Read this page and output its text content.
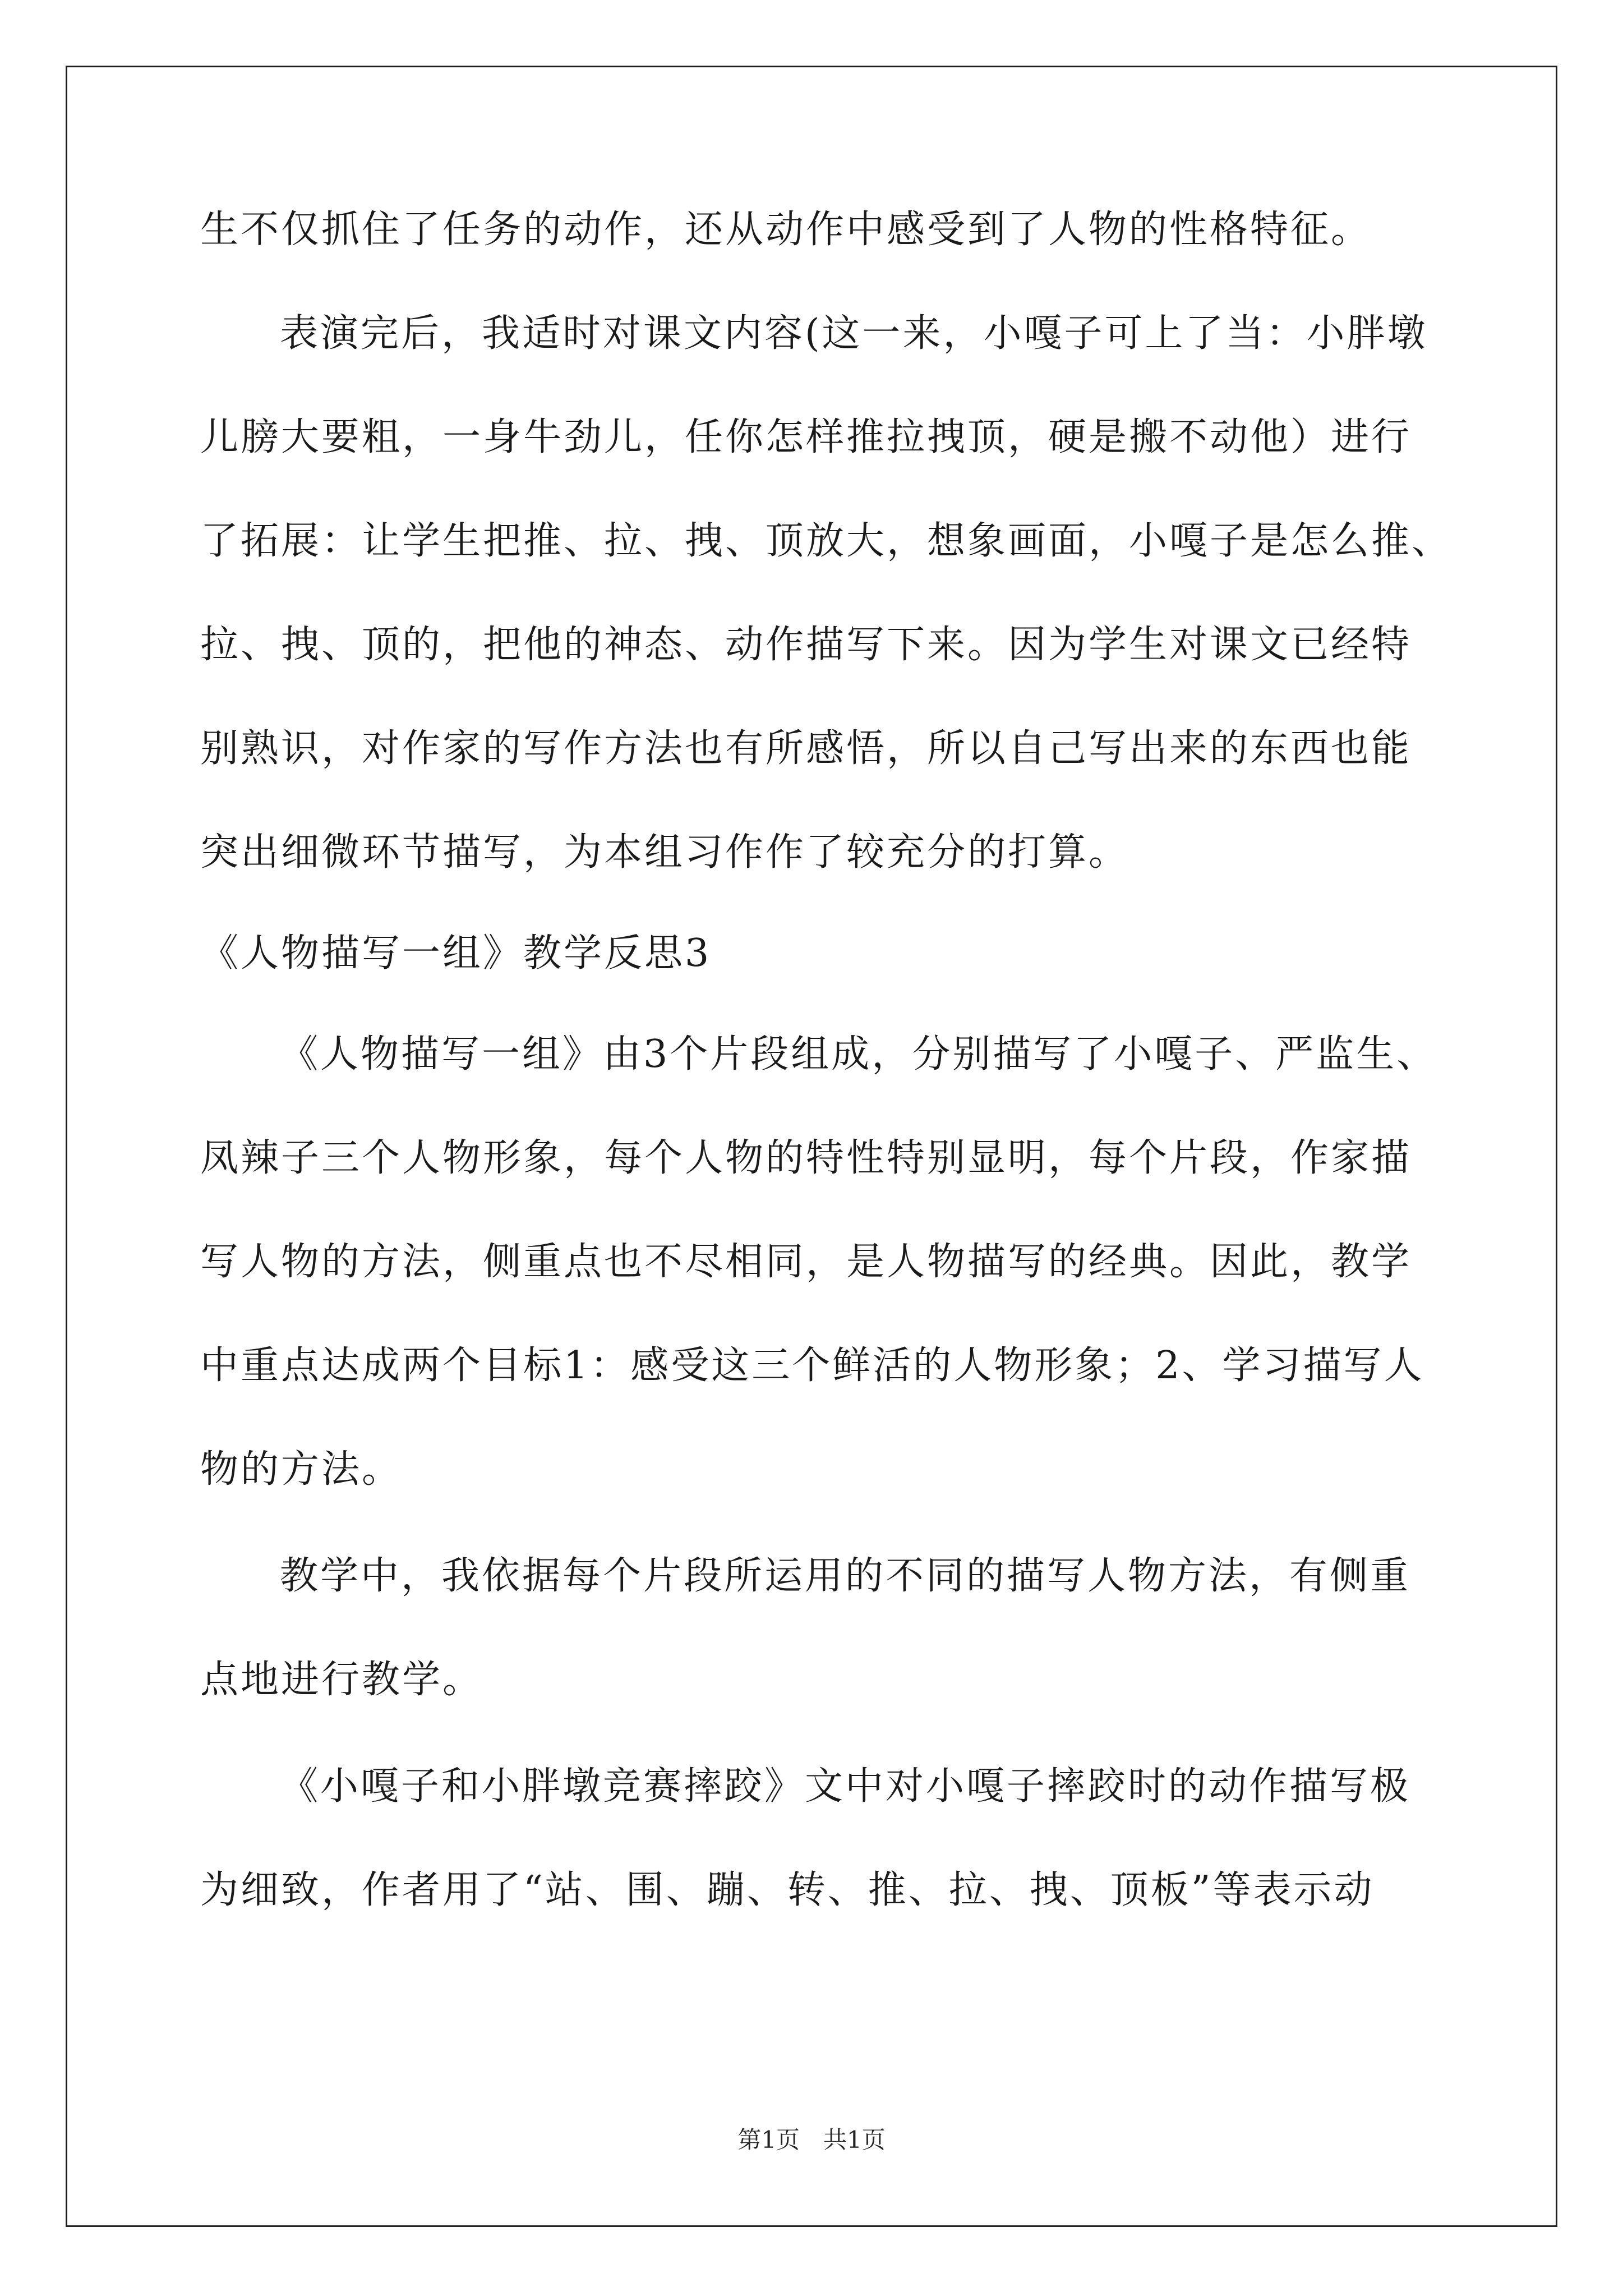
生不仅抓住了任务的动作，还从动作中感受到了人物的性格特征。
表演完后，我适时对课文内容(这一来，小嘎子可上了当：小胖墩
儿膀大要粗，一身牛劲儿，任你怎样推拉拽顶，硬是搬不动他）进行
了拓展：让学生把推、拉、拽、顶放大，想象画面，小嘎子是怎么推、
拉、拽、顶的，把他的神态、动作描写下来。因为学生对课文已经特
别熟识，对作家的写作方法也有所感悟，所以自己写出来的东西也能
突出细微环节描写，为本组习作作了较充分的打算。
《人物描写一组》教学反思3
《人物描写一组》由3个片段组成，分别描写了小嘎子、严监生、
凤辣子三个人物形象，每个人物的特性特别显明，每个片段，作家描
写人物的方法，侧重点也不尽相同，是人物描写的经典。因此，教学
中重点达成两个目标1：感受这三个鲜活的人物形象；2、学习描写人
物的方法。
教学中，我依据每个片段所运用的不同的描写人物方法，有侧重
点地进行教学。
《小嘎子和小胖墩竞赛摔跤》文中对小嘎子摔跤时的动作描写极
为细致，作者用了“站、围、蹦、转、推、拉、拽、顶板”等表示动
第1页　共1页
